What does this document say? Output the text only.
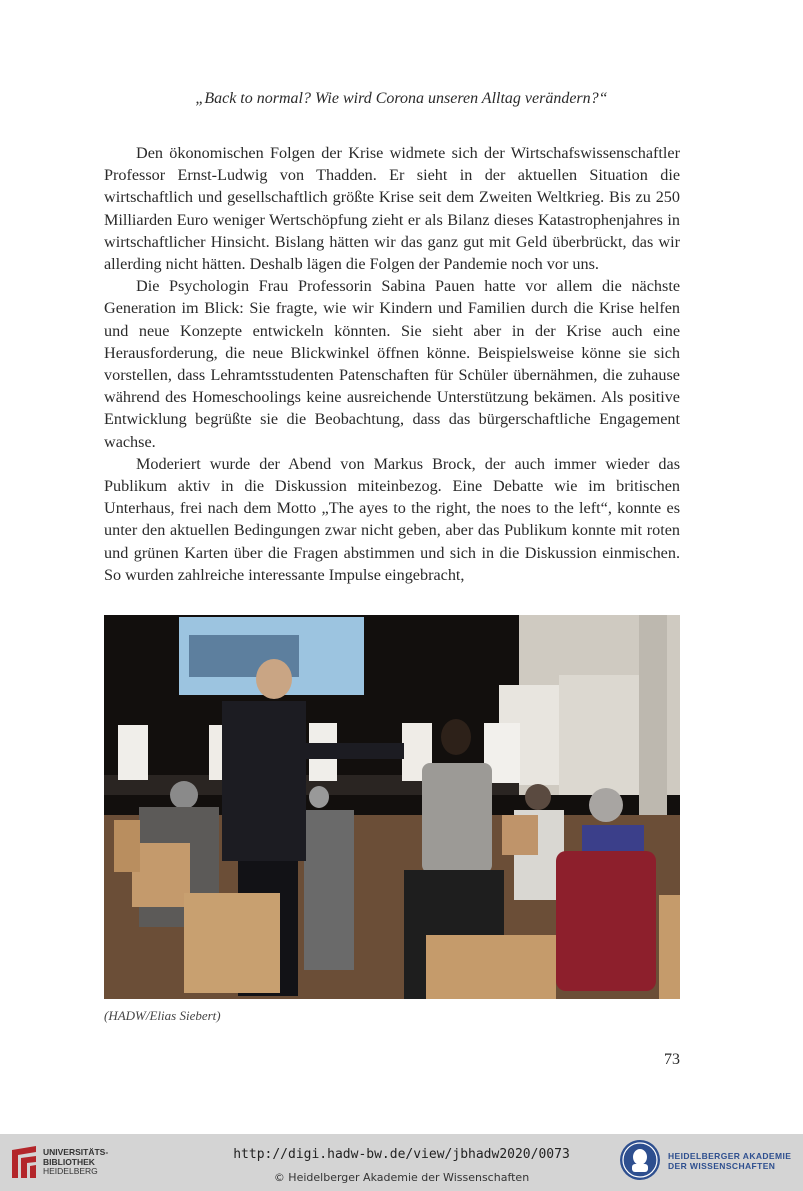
„Back to normal? Wie wird Corona unseren Alltag verändern?“

Den ökonomischen Folgen der Krise widmete sich der Wirtschafswissenschaftler Professor Ernst-Ludwig von Thadden. Er sieht in der aktuellen Situation die wirtschaftlich und gesellschaftlich größte Krise seit dem Zweiten Weltkrieg. Bis zu 250 Milliarden Euro weniger Wertschöpfung zieht er als Bilanz dieses Katastrophenjahres in wirtschaftlicher Hinsicht. Bislang hätten wir das ganz gut mit Geld überbrückt, das wir allerding nicht hätten. Deshalb lägen die Folgen der Pandemie noch vor uns.

Die Psychologin Frau Professorin Sabina Pauen hatte vor allem die nächste Generation im Blick: Sie fragte, wie wir Kindern und Familien durch die Krise helfen und neue Konzepte entwickeln könnten. Sie sieht aber in der Krise auch eine Herausforderung, die neue Blickwinkel öffnen könne. Beispielsweise könne sie sich vorstellen, dass Lehramtsstudenten Patenschaften für Schüler übernähmen, die zuhause während des Homeschoolings keine ausreichende Unterstützung bekämen. Als positive Entwicklung begrüßte sie die Beobachtung, dass das bürgerschaftliche Engagement wachse.

Moderiert wurde der Abend von Markus Brock, der auch immer wieder das Publikum aktiv in die Diskussion miteinbezog. Eine Debatte wie im britischen Unterhaus, frei nach dem Motto „The ayes to the right, the noes to the left“, konnte es unter den aktuellen Bedingungen zwar nicht geben, aber das Publikum konnte mit roten und grünen Karten über die Fragen abstimmen und sich in die Diskussion einmischen. So wurden zahlreiche interessante Impulse eingebracht,

(HADW/Elias Siebert)
73
UNIVERSITÄTS-
BIBLIOTHEK
HEIDELBERG
http://digi.hadw-bw.de/view/jbhadw2020/0073
© Heidelberger Akademie der Wissenschaften
HEIDELBERGER AKADEMIE
DER WISSENSCHAFTEN
